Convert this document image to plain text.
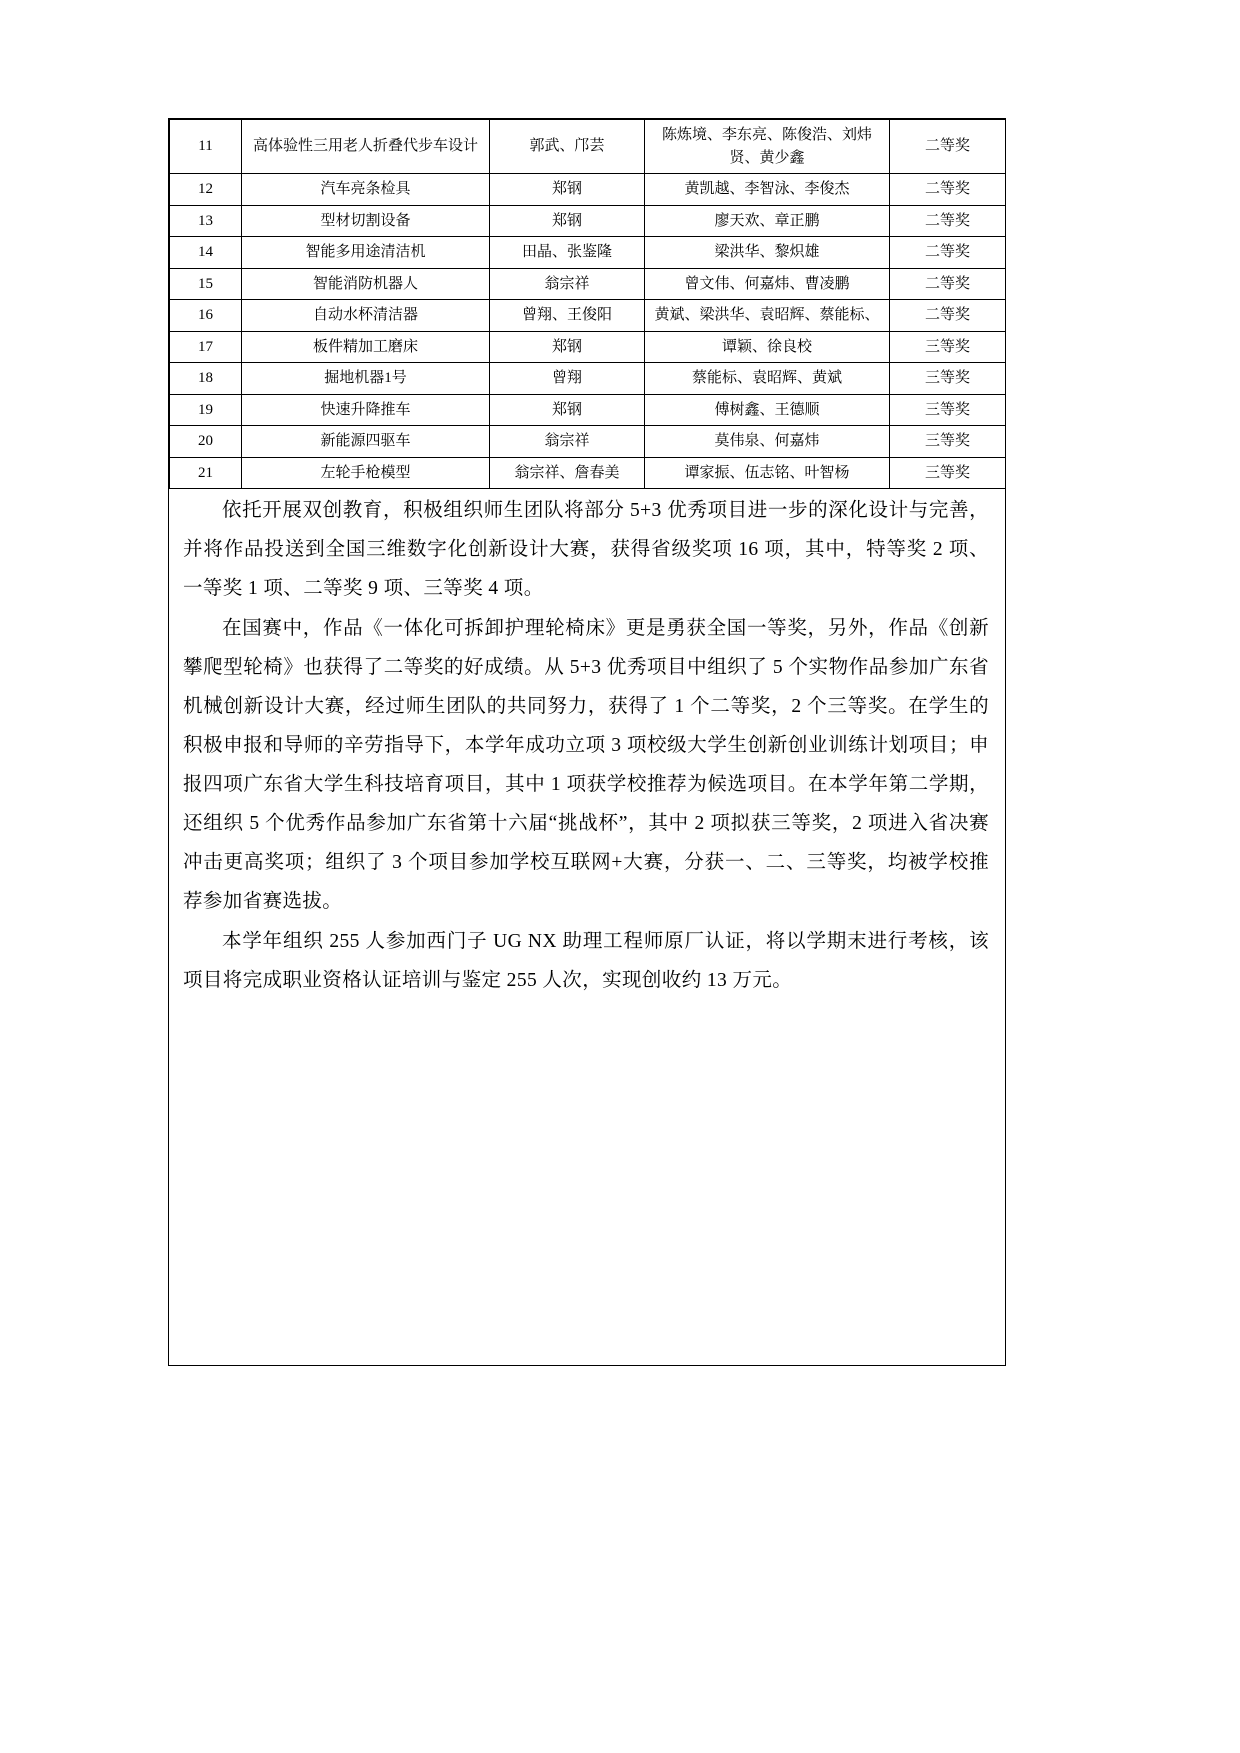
11	高体验性三用老人折叠代步车设计	郭武、邝芸	陈炼境、李东亮、陈俊浩、刘炜贤、黄少鑫	二等奖
12	汽车亮条检具	郑钢	黄凯越、李智泳、李俊杰	二等奖
13	型材切割设备	郑钢	廖天欢、章正鹏	二等奖
14	智能多用途清洁机	田晶、张鉴隆	梁洪华、黎炽雄	二等奖
15	智能消防机器人	翁宗祥	曾文伟、何嘉炜、曹凌鹏	二等奖
16	自动水杯清洁器	曾翔、王俊阳	黄斌、梁洪华、袁昭辉、蔡能标、	二等奖
17	板件精加工磨床	郑钢	谭颖、徐良校	三等奖
18	掘地机器1号	曾翔	蔡能标、袁昭辉、黄斌	三等奖
19	快速升降推车	郑钢	傅树鑫、王德顺	三等奖
20	新能源四驱车	翁宗祥	莫伟泉、何嘉炜	三等奖
21	左轮手枪模型	翁宗祥、詹春美	谭家振、伍志铭、叶智杨	三等奖

依托开展双创教育，积极组织师生团队将部分 5+3 优秀项目进一步的深化设计与完善，并将作品投送到全国三维数字化创新设计大赛，获得省级奖项 16 项，其中，特等奖 2 项、一等奖 1 项、二等奖 9 项、三等奖 4 项。

在国赛中，作品《一体化可拆卸护理轮椅床》更是勇获全国一等奖，另外，作品《创新攀爬型轮椅》也获得了二等奖的好成绩。从 5+3 优秀项目中组织了 5 个实物作品参加广东省机械创新设计大赛，经过师生团队的共同努力，获得了 1 个二等奖，2 个三等奖。在学生的积极申报和导师的辛劳指导下，本学年成功立项 3 项校级大学生创新创业训练计划项目；申报四项广东省大学生科技培育项目，其中 1 项获学校推荐为候选项目。在本学年第二学期，还组织 5 个优秀作品参加广东省第十六届“挑战杯”，其中 2 项拟获三等奖，2 项进入省决赛冲击更高奖项；组织了 3 个项目参加学校互联网+大赛，分获一、二、三等奖，均被学校推荐参加省赛选拔。

本学年组织 255 人参加西门子 UG NX 助理工程师原厂认证，将以学期末进行考核，该项目将完成职业资格认证培训与鉴定 255 人次，实现创收约 13 万元。
